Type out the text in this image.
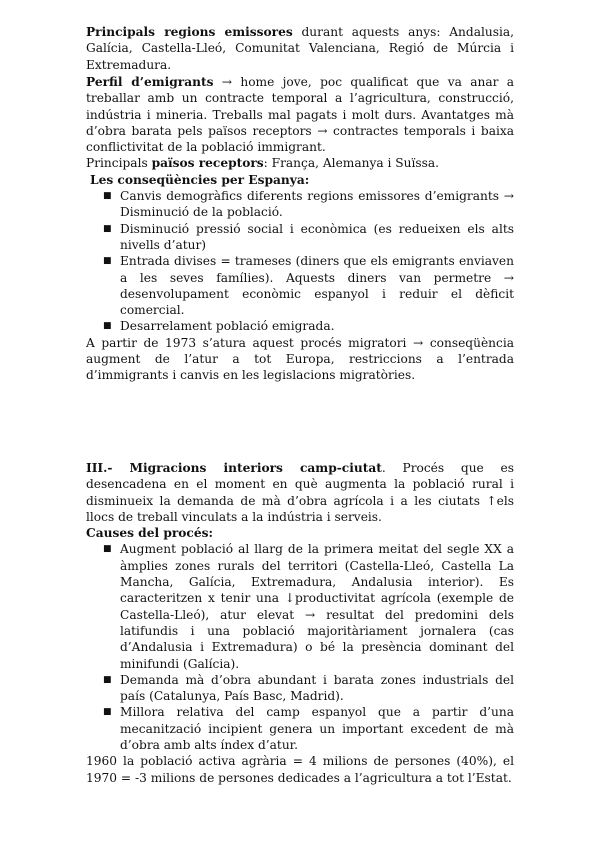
Principals regions emissores durant aquests anys: Andalusia, Galícia, Castella-Lleó, Comunitat Valenciana, Regió de Múrcia i Extremadura.

Perfil d’emigrants → home jove, poc qualificat que va anar a treballar amb un contracte temporal a l’agricultura, construcció, indústria i mineria. Treballs mal pagats i molt durs. Avantatges mà d’obra barata pels països receptors → contractes temporals i baixa conflictivitat de la població immigrant.

Principals països receptors: França, Alemanya i Suïssa.

Les conseqüències per Espanya:

■ Canvis demogràfics diferents regions emissores d’emigrants → Disminució de la població.
■ Disminució pressió social i econòmica (es redueixen els alts nivells d’atur)
■ Entrada divises = trameses (diners que els emigrants enviaven a les seves famílies). Aquests diners van permetre → desenvolupament econòmic espanyol i reduir el dèficit comercial.
■ Desarrelament població emigrada.

A partir de 1973 s’atura aquest procés migratori → conseqüència augment de l’atur a tot Europa, restriccions a l’entrada d’immigrants i canvis en les legislacions migratòries.

III.- Migracions interiors camp-ciutat. Procés que es desencadena en el moment en què augmenta la població rural i disminueix la demanda de mà d’obra agrícola i a les ciutats ↑els llocs de treball vinculats a la indústria i serveis.

Causes del procés:

■ Augment població al llarg de la primera meitat del segle XX a àmplies zones rurals del territori (Castella-Lleó, Castella La Mancha, Galícia, Extremadura, Andalusia interior). Es caracteritzen x tenir una ↓productivitat agrícola (exemple de Castella-Lleó), atur elevat → resultat del predomini dels latifundis i una població majoritàriament jornalera (cas d’Andalusia i Extremadura) o bé la presència dominant del minifundi (Galícia).
■ Demanda mà d’obra abundant i barata zones industrials del país (Catalunya, País Basc, Madrid).
■ Millora relativa del camp espanyol que a partir d’una mecanització incipient genera un important excedent de mà d’obra amb alts índex d’atur.

1960 la població activa agrària = 4 milions de persones (40%), el 1970 = -3 milions de persones dedicades a l’agricultura a tot l’Estat.
